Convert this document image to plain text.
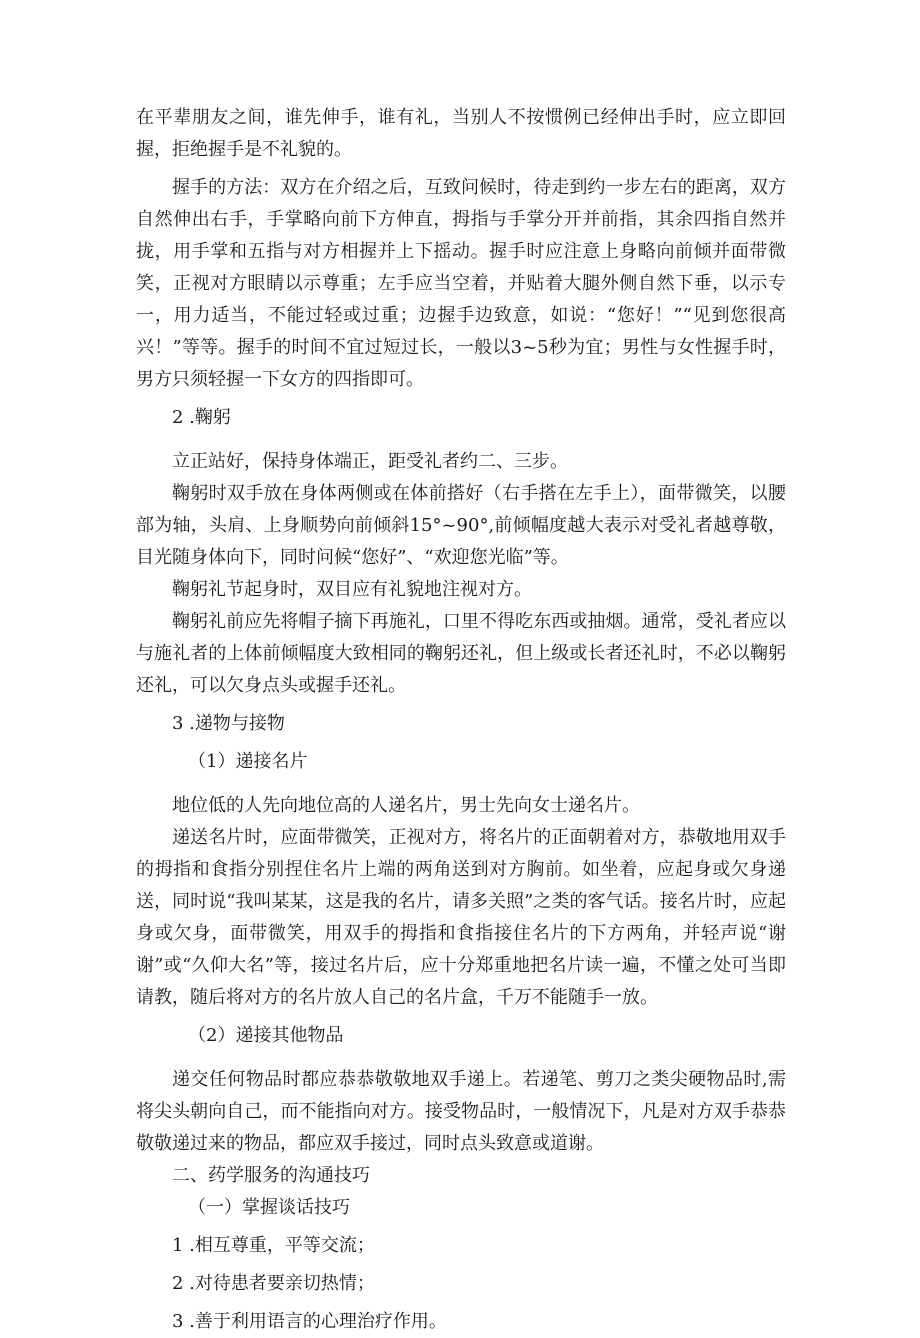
在平辈朋友之间，谁先伸手，谁有礼，当别人不按惯例已经伸出手时，应立即回握，拒绝握手是不礼貌的。

握手的方法：双方在介绍之后，互致问候时，待走到约一步左右的距离，双方自然伸出右手，手掌略向前下方伸直，拇指与手掌分开并前指，其余四指自然并拢，用手掌和五指与对方相握并上下摇动。握手时应注意上身略向前倾并面带微笑，正视对方眼睛以示尊重；左手应当空着，并贴着大腿外侧自然下垂，以示专一，用力适当，不能过轻或过重；边握手边致意，如说：“您好！”“见到您很高兴！”等等。握手的时间不宜过短过长，一般以3~5秒为宜；男性与女性握手时，男方只须轻握一下女方的四指即可。

2 .鞠躬

立正站好，保持身体端正，距受礼者约二、三步。

鞠躬时双手放在身体两侧或在体前搭好（右手搭在左手上），面带微笑，以腰部为轴，头肩、上身顺势向前倾斜15°~90°,前倾幅度越大表示对受礼者越尊敬，目光随身体向下，同时问候“您好”、“欢迎您光临”等。

鞠躬礼节起身时，双目应有礼貌地注视对方。

鞠躬礼前应先将帽子摘下再施礼，口里不得吃东西或抽烟。通常，受礼者应以与施礼者的上体前倾幅度大致相同的鞠躬还礼，但上级或长者还礼时，不必以鞠躬还礼，可以欠身点头或握手还礼。

3 .递物与接物

（1）递接名片

地位低的人先向地位高的人递名片，男士先向女士递名片。

递送名片时，应面带微笑，正视对方，将名片的正面朝着对方，恭敬地用双手的拇指和食指分别捏住名片上端的两角送到对方胸前。如坐着，应起身或欠身递送，同时说“我叫某某，这是我的名片，请多关照”之类的客气话。接名片时，应起身或欠身，面带微笑，用双手的拇指和食指接住名片的下方两角，并轻声说“谢谢”或“久仰大名”等，接过名片后，应十分郑重地把名片读一遍，不懂之处可当即请教，随后将对方的名片放人自己的名片盒，千万不能随手一放。

（2）递接其他物品

递交任何物品时都应恭恭敬敬地双手递上。若递笔、剪刀之类尖硬物品时,需将尖头朝向自己，而不能指向对方。接受物品时，一般情况下，凡是对方双手恭恭敬敬递过来的物品，都应双手接过，同时点头致意或道谢。

二、药学服务的沟通技巧

（一）掌握谈话技巧

1 .相互尊重，平等交流；

2 .对待患者要亲切热情；

3 .善于利用语言的心理治疗作用。
